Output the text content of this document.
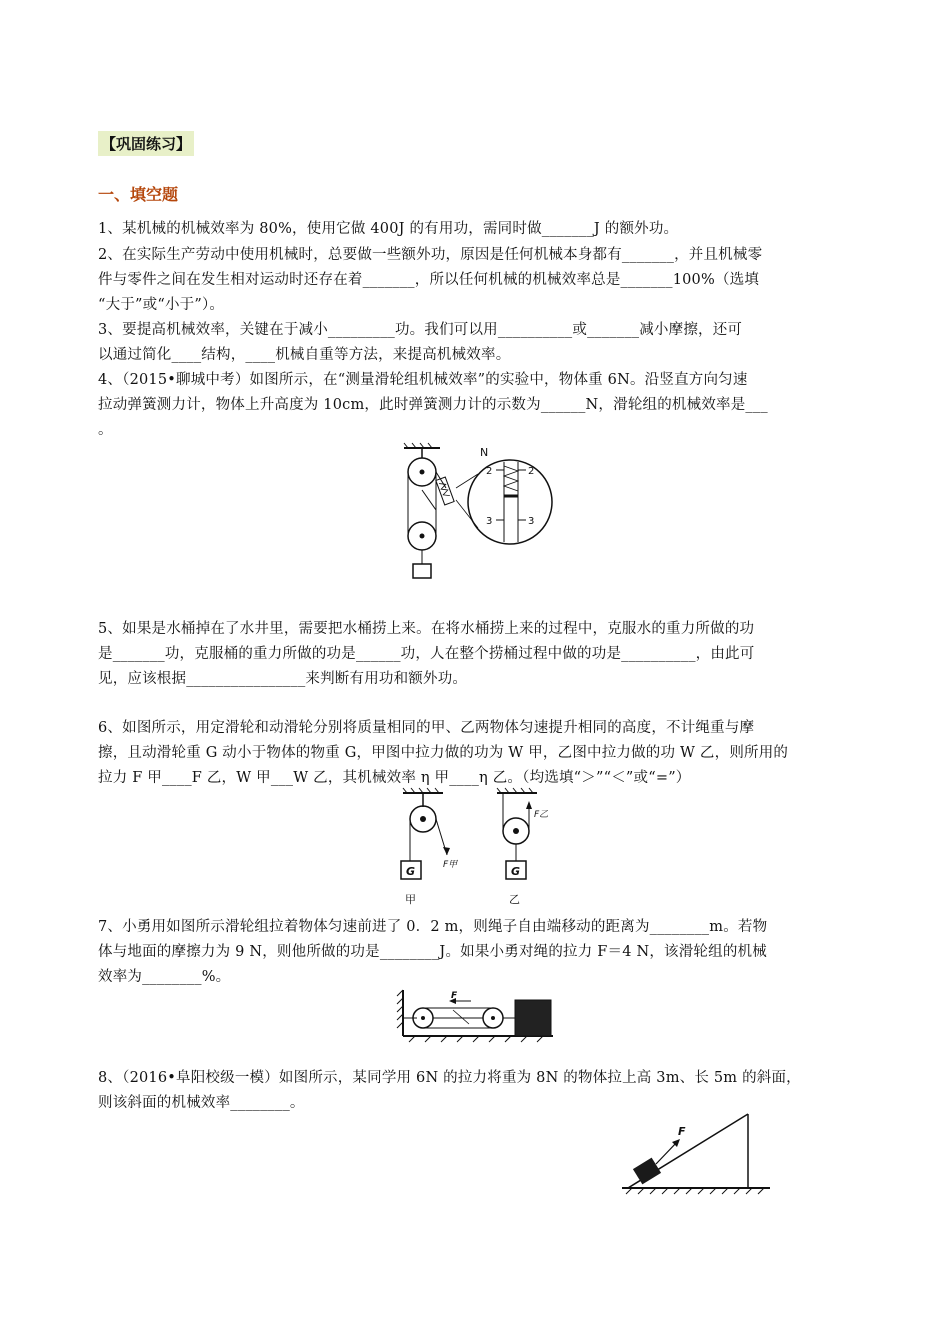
【巩固练习】
一、填空题
1、某机械的机械效率为 80%，使用它做 400J 的有用功，需同时做_______J 的额外功。
2、在实际生产劳动中使用机械时，总要做一些额外功，原因是任何机械本身都有_______，并且机械零
件与零件之间在发生相对运动时还存在着_______，所以任何机械的机械效率总是_______100%（选填
“大于”或“小于”）。
3、要提高机械效率，关键在于减小_________功。我们可以用__________或_______减小摩擦，还可
以通过简化____结构，____机械自重等方法，来提高机械效率。
4、（2015•聊城中考）如图所示，在“测量滑轮组机械效率”的实验中，物体重 6N。沿竖直方向匀速
拉动弹簧测力计，物体上升高度为 10cm，此时弹簧测力计的示数为______N，滑轮组的机械效率是___
。
N
2	2
3	3
5、如果是水桶掉在了水井里，需要把水桶捞上来。在将水桶捞上来的过程中，克服水的重力所做的功
是_______功，克服桶的重力所做的功是______功，人在整个捞桶过程中做的功是__________，由此可
见，应该根据________________来判断有用功和额外功。
6、如图所示，用定滑轮和动滑轮分别将质量相同的甲、乙两物体匀速提升相同的高度，不计绳重与摩
擦，且动滑轮重 G 动小于物体的物重 G，甲图中拉力做的功为 W 甲，乙图中拉力做的功 W 乙，则所用的
拉力 F 甲____F 乙，W 甲___W 乙，其机械效率 η 甲____η 乙。（均选填“＞”“＜”或“=”）
G	F甲
甲
F乙
G
乙
7、小勇用如图所示滑轮组拉着物体匀速前进了 0．2 m，则绳子自由端移动的距离为________m。若物
体与地面的摩擦力为 9 N，则他所做的功是________J。如果小勇对绳的拉力 F＝4 N，该滑轮组的机械
效率为________%。
F
8、（2016•阜阳校级一模）如图所示，某同学用 6N 的拉力将重为 8N 的物体拉上高 3m、长 5m 的斜面，
则该斜面的机械效率________。
F
